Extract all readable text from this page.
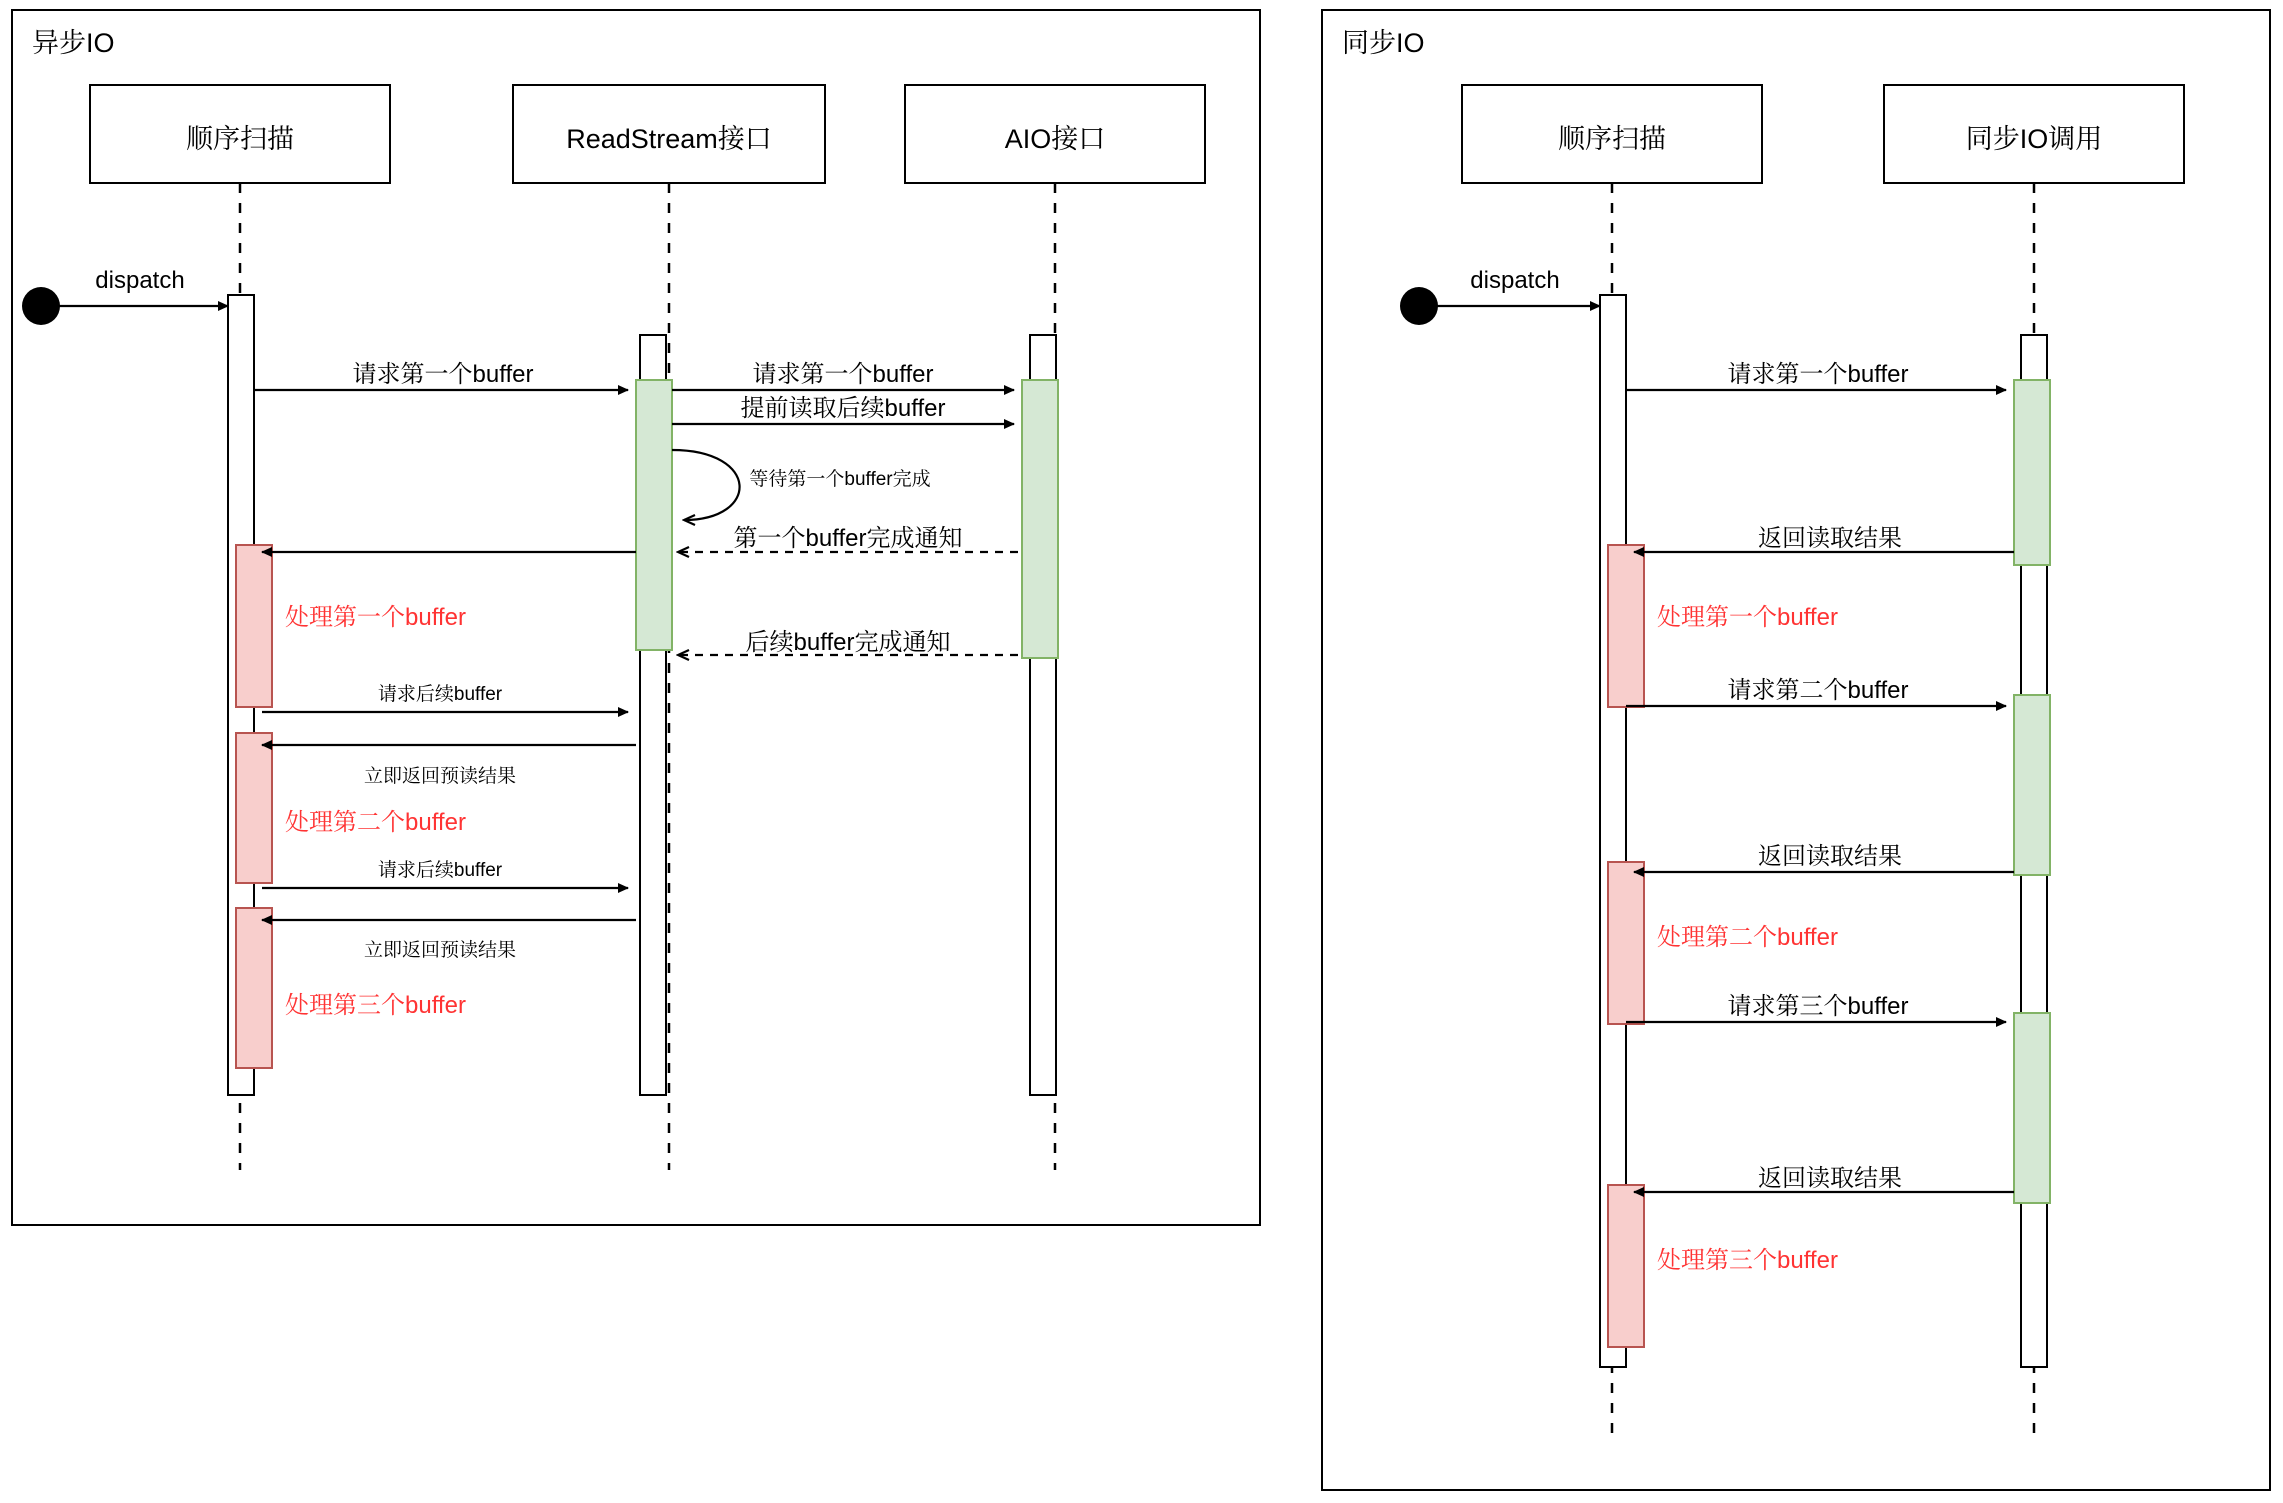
异步IO
顺序扫描	ReadStream接口	AIO接口
dispatch
请求第一个buffer	请求第一个buffer
提前读取后续buffer
等待第一个buffer完成
第一个buffer完成通知
处理第一个buffer
后续buffer完成通知
请求后续buffer
立即返回预读结果
处理第二个buffer
请求后续buffer
立即返回预读结果
处理第三个buffer
同步IO
顺序扫描	同步IO调用
dispatch
请求第一个buffer
返回读取结果
处理第一个buffer
请求第二个buffer
返回读取结果
处理第二个buffer
请求第三个buffer
返回读取结果
处理第三个buffer
